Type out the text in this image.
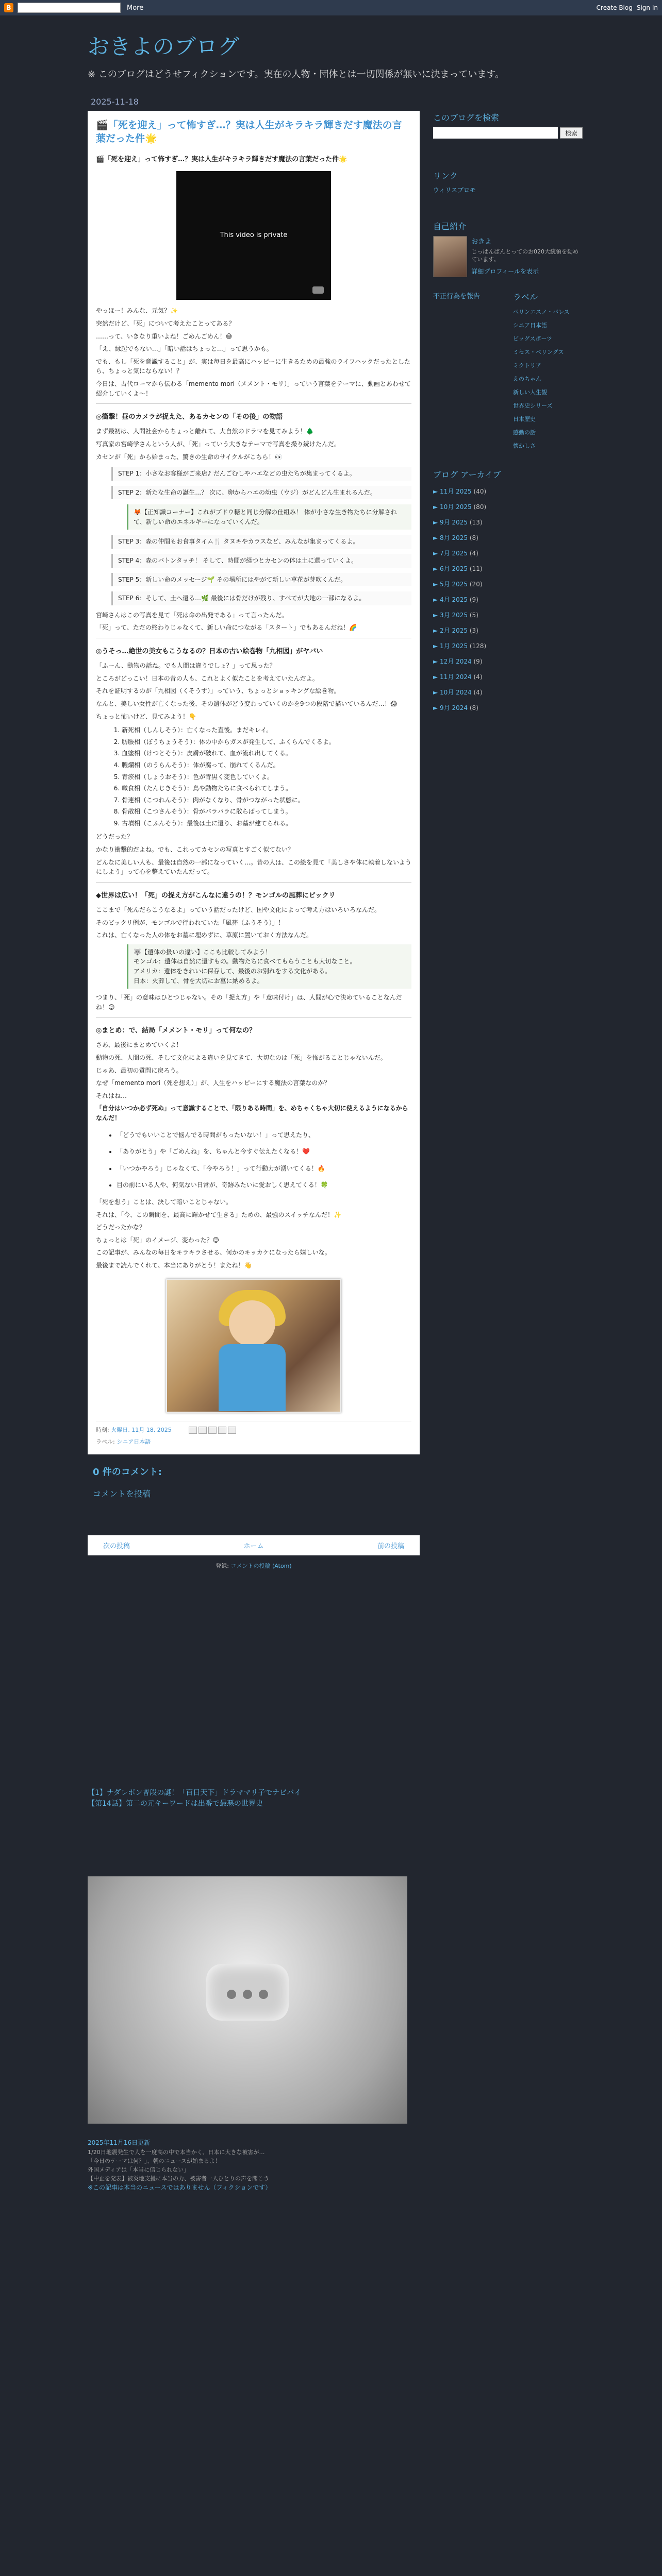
B	More	Create Blog Sign In
おきよのブログ
※ このブログはどうせフィクションです。実在の人物・団体とは一切関係が無いに決まっています。
2025-11-18
🎬「死を迎え」って怖すぎ…？実は人生がキラキラ輝きだす魔法の言葉だった件🌟
🎬「死を迎え」って怖すぎ…？実は人生がキラキラ輝きだす魔法の言葉だった件🌟
This video is private

やっほー！みんな、元気？✨

突然だけど、「死」について考えたことってある？

……って、いきなり重いよね！ごめんごめん！😅

「え、縁起でもない…」「暗い話はちょっと…」って思うかも。

でも、もし「死を意識すること」が、実は毎日を最高にハッピーに生きるための最強のライフハックだったとしたら、ちょっと気にならない！？

今日は、古代ローマから伝わる「memento mori（メメント・モリ）」っていう言葉をテーマに、動画とあわせて紹介していくよ〜！

◎衝撃！昼のカメラが捉えた、あるカセンの「その後」の物語

まず最初は、人間社会からちょっと離れて、大自然のドラマを見てみよう！🌲

写真家の宮崎学さんという人が、「死」っていう大きなテーマで写真を撮り続けたんだ。

カセンが「死」から始まった、驚きの生命のサイクルがこちら！👀

STEP 1：小さなお客様がご来店♪ だんごむしやハエなどの虫たちが集まってくるよ。
STEP 2：新たな生命の誕生…？ 次に、卵からハエの幼虫（ウジ）がどんどん生まれるんだ。
🦊【正知識コーナー】これがブドウ糖と同じ分解の仕組み！ 体が小さな生き物たちに分解されて、新しい命のエネルギーになっていくんだ。
STEP 3：森の仲間もお食事タイム🍴 タヌキやカラスなど、みんなが集まってくるよ。
STEP 4：森のバトンタッチ！ そして、時間が経つとカセンの体は土に還っていくよ。
STEP 5：新しい命のメッセージ🌱 その場所にはやがて新しい草花が芽吹くんだ。
STEP 6：そして、土へ還る…🌿 最後には骨だけが残り、すべてが大地の一部になるよ。

宮崎さんはこの写真を見て「死は命の出発である」って言ったんだ。

「死」って、ただの終わりじゃなくて、新しい命につながる「スタート」でもあるんだね！🌈

◎うそっ…絶世の美女もこうなるの？日本の古い絵巻物「九相図」がヤバい

「ふーん、動物の話ね。でも人間は違うでしょ？」って思った？

ところがどっこい！日本の昔の人も、これとよく似たことを考えていたんだよ。

それを証明するのが「九相図（くそうず）」っていう、ちょっとショッキングな絵巻物。

なんと、美しい女性が亡くなった後、その遺体がどう変わっていくのかを9つの段階で描いているんだ…！😱

ちょっと怖いけど、見てみよう！👇

1. 新死相（しんしそう）：亡くなった直後。まだキレイ。
2. 肪脹相（ぼうちょうそう）：体の中からガスが発生して、ふくらんでくるよ。
3. 血塗相（けつとそう）：皮膚が破れて、血が流れ出してくる。
4. 膿爛相（のうらんそう）：体が腐って、崩れてくるんだ。
5. 青瘀相（しょうおそう）：色が青黒く変色していくよ。
6. 噉食相（たんじきそう）：鳥や動物たちに食べられてしまう。
7. 骨連相（こつれんそう）：肉がなくなり、骨がつながった状態に。
8. 骨散相（こつさんそう）：骨がバラバラに散らばってしまう。
9. 古墳相（こふんそう）：最後は土に還り、お墓が建てられる。

どうだった？

かなり衝撃的だよね。でも、これってカセンの写真とすごく似てない？

どんなに美しい人も、最後は自然の一部になっていく…。昔の人は、この絵を見て「美しさや体に執着しないようにしよう」って心を整えていたんだって。

◆世界は広い！「死」の捉え方がこんなに違うの！？モンゴルの風葬にビックリ

ここまで「死んだらこうなるよ」っていう話だったけど、国や文化によって考え方はいろいろなんだ。

そのビックリ例が、モンゴルで行われていた「風葬（ふうそう）」！

これは、亡くなった人の体をお墓に埋めずに、草原に置いておく方法なんだ。

🐺【遺体の扱いの違い】ここも比較してみよう！
モンゴル：遺体は自然に還すもの。動物たちに食べてもらうことも大切なこと。
アメリカ：遺体をきれいに保存して、最後のお別れをする文化がある。
日本：火葬して、骨を大切にお墓に納めるよ。

つまり、「死」の意味はひとつじゃない。その「捉え方」や「意味付け」は、人間が心で決めていることなんだね！😊

◎まとめ：で、結局「メメント・モリ」って何なの？

さあ、最後にまとめていくよ！

動物の死、人間の死、そして文化による違いを見てきて、大切なのは「死」を怖がることじゃないんだ。

じゃあ、最初の質問に戻ろう。

なぜ「memento mori（死を想え）」が、人生をハッピーにする魔法の言葉なのか？

それはね…

「自分はいつか必ず死ぬ」って意識することで、「限りある時間」を、めちゃくちゃ大切に使えるようになるからなんだ！

• 「どうでもいいことで悩んでる時間がもったいない！」って思えたり、
• 「ありがとう」や「ごめんね」を、ちゃんと今すぐ伝えたくなる！❤️
• 「いつかやろう」じゃなくて、「今やろう！」って行動力が湧いてくる！🔥
• 目の前にいる人や、何気ない日常が、奇跡みたいに愛おしく思えてくる！🍀

「死を想う」ことは、決して暗いことじゃない。

それは、「今、この瞬間を、最高に輝かせて生きる」ための、最強のスイッチなんだ！✨

どうだったかな？

ちょっとは「死」のイメージ、変わった？😊

この記事が、みんなの毎日をキラキラさせる、何かのキッカケになったら嬉しいな。

最後まで読んでくれて、本当にありがとう！またね！👋

時刻: 火曜日, 11月 18, 2025
ラベル: シニア日本語
0 件のコメント:
コメントを投稿
次の投稿	ホーム	前の投稿
登録: コメントの投稿 (Atom)
このブログを検索
検索
リンク
ウィリスプロモ
自己紹介
おきよ
じっぱんばんとってのお020大統領を勧めています。
詳細プロフィールを表示
不正行為を報告	ラベル
ペリンエスノ・バレス
シニア日本語
ビッグスポーツ
ミセス・ペリングス
ミクトリア
えのちゃん
新しい人生観
世界史シリーズ
日本歴史
感動の話
懐かしさ
ブログ アーカイブ
► 11月 2025 (40)
► 10月 2025 (80)
► 9月 2025 (13)
► 8月 2025 (8)
► 7月 2025 (4)
► 6月 2025 (11)
► 5月 2025 (20)
► 4月 2025 (9)
► 3月 2025 (5)
► 2月 2025 (3)
► 1月 2025 (128)
► 12月 2024 (9)
► 11月 2024 (4)
► 10月 2024 (4)
► 9月 2024 (8)
【1】ナダレポン普段の謎！「百日天下」ドラママリ子でナビバイ
【第14話】第二の元キーワードは出番で最悪の世界史
2025年11月16日更新
1/20日地震発生で人を一度高の中で本当かく、日本に大きな被害が…
「今日のテーマは何？」、朝のニュースが始まるよ！
外国メディアは「本当に信じられない」
【中止を発表】被災地支援に本当の力、被害者一人ひとりの声を聞こう
※この記事は本当のニュースではありません（フィクションです）
